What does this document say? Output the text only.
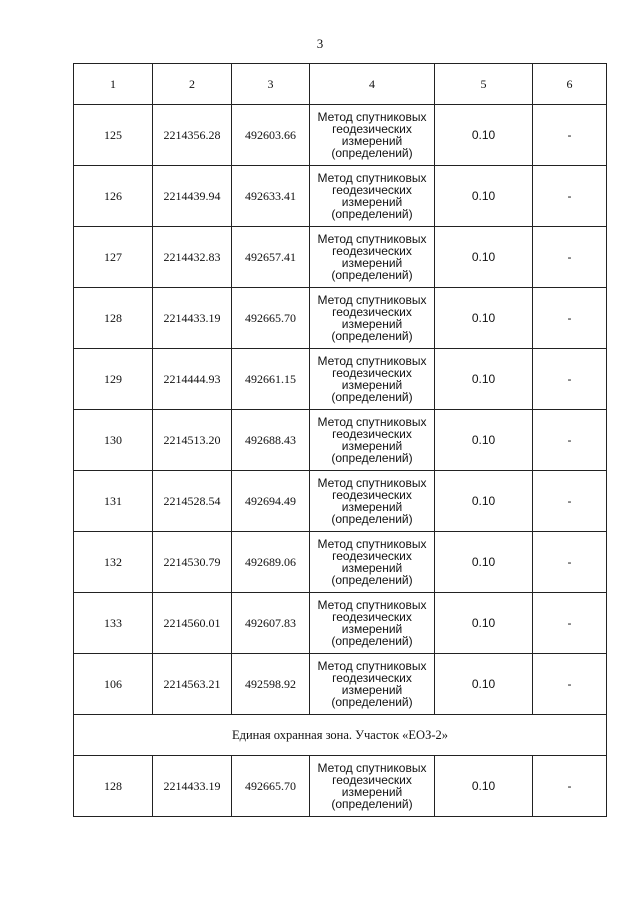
3
1	2	3	4	5	6
125	2214356.28	492603.66	Метод спутниковых
геодезических
измерений
(определений)	0.10	-
126	2214439.94	492633.41	Метод спутниковых
геодезических
измерений
(определений)	0.10	-
127	2214432.83	492657.41	Метод спутниковых
геодезических
измерений
(определений)	0.10	-
128	2214433.19	492665.70	Метод спутниковых
геодезических
измерений
(определений)	0.10	-
129	2214444.93	492661.15	Метод спутниковых
геодезических
измерений
(определений)	0.10	-
130	2214513.20	492688.43	Метод спутниковых
геодезических
измерений
(определений)	0.10	-
131	2214528.54	492694.49	Метод спутниковых
геодезических
измерений
(определений)	0.10	-
132	2214530.79	492689.06	Метод спутниковых
геодезических
измерений
(определений)	0.10	-
133	2214560.01	492607.83	Метод спутниковых
геодезических
измерений
(определений)	0.10	-
106	2214563.21	492598.92	Метод спутниковых
геодезических
измерений
(определений)	0.10	-
Единая охранная зона. Участок «ЕОЗ-2»					
128	2214433.19	492665.70	Метод спутниковых
геодезических
измерений
(определений)	0.10	-
